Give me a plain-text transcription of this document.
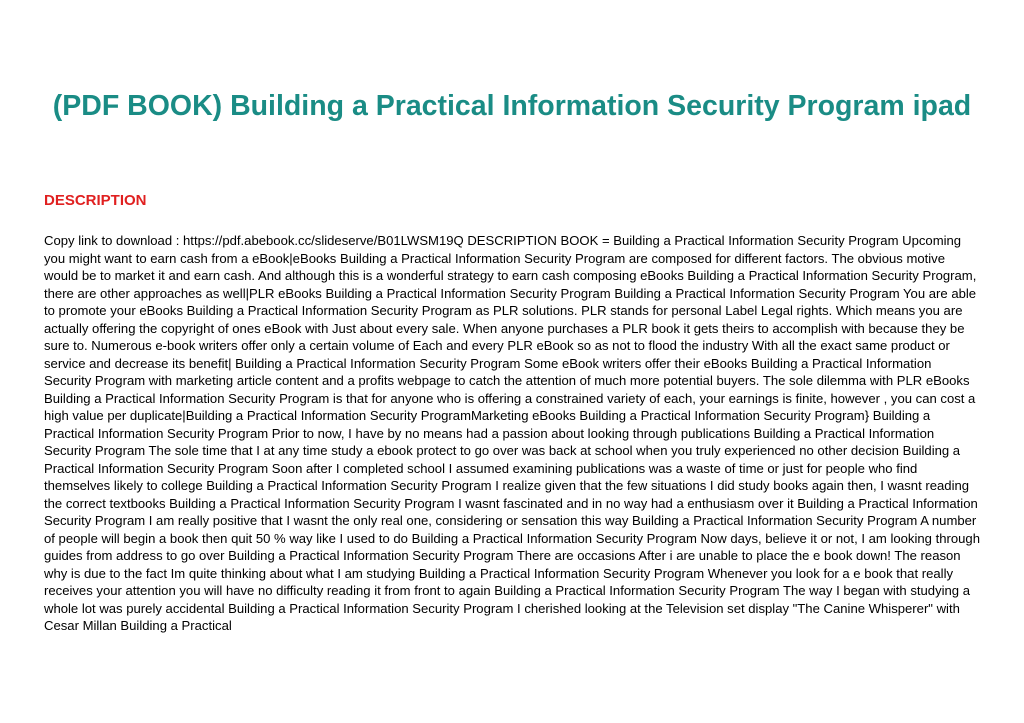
(PDF BOOK) Building a Practical Information Security Program ipad
DESCRIPTION

Copy link to download : https://pdf.abebook.cc/slideserve/B01LWSM19Q DESCRIPTION BOOK = Building a Practical Information Security Program Upcoming you might want to earn cash from a eBook|eBooks Building a Practical Information Security Program are composed for different factors. The obvious motive would be to market it and earn cash. And although this is a wonderful strategy to earn cash composing eBooks Building a Practical Information Security Program, there are other approaches as well|PLR eBooks Building a Practical Information Security Program Building a Practical Information Security Program You are able to promote your eBooks Building a Practical Information Security Program as PLR solutions. PLR stands for personal Label Legal rights. Which means you are actually offering the copyright of ones eBook with Just about every sale. When anyone purchases a PLR book it gets theirs to accomplish with because they be sure to. Numerous e-book writers offer only a certain volume of Each and every PLR eBook so as not to flood the industry With all the exact same product or service and decrease its benefit| Building a Practical Information Security Program Some eBook writers offer their eBooks Building a Practical Information Security Program with marketing article content and a profits webpage to catch the attention of much more potential buyers. The sole dilemma with PLR eBooks Building a Practical Information Security Program is that for anyone who is offering a constrained variety of each, your earnings is finite, however , you can cost a high value per duplicate|Building a Practical Information Security ProgramMarketing eBooks Building a Practical Information Security Program} Building a Practical Information Security Program Prior to now, I have by no means had a passion about looking through publications Building a Practical Information Security Program The sole time that I at any time study a ebook protect to go over was back at school when you truly experienced no other decision Building a Practical Information Security Program Soon after I completed school I assumed examining publications was a waste of time or just for people who find themselves likely to college Building a Practical Information Security Program I realize given that the few situations I did study books again then, I wasnt reading the correct textbooks Building a Practical Information Security Program I wasnt fascinated and in no way had a enthusiasm over it Building a Practical Information Security Program I am really positive that I wasnt the only real one, considering or sensation this way Building a Practical Information Security Program A number of people will begin a book then quit 50 % way like I used to do Building a Practical Information Security Program Now days, believe it or not, I am looking through guides from address to go over Building a Practical Information Security Program There are occasions After i are unable to place the e book down! The reason why is due to the fact Im quite thinking about what I am studying Building a Practical Information Security Program Whenever you look for a e book that really receives your attention you will have no difficulty reading it from front to again Building a Practical Information Security Program The way I began with studying a whole lot was purely accidental Building a Practical Information Security Program I cherished looking at the Television set display "The Canine Whisperer" with Cesar Millan Building a Practical
